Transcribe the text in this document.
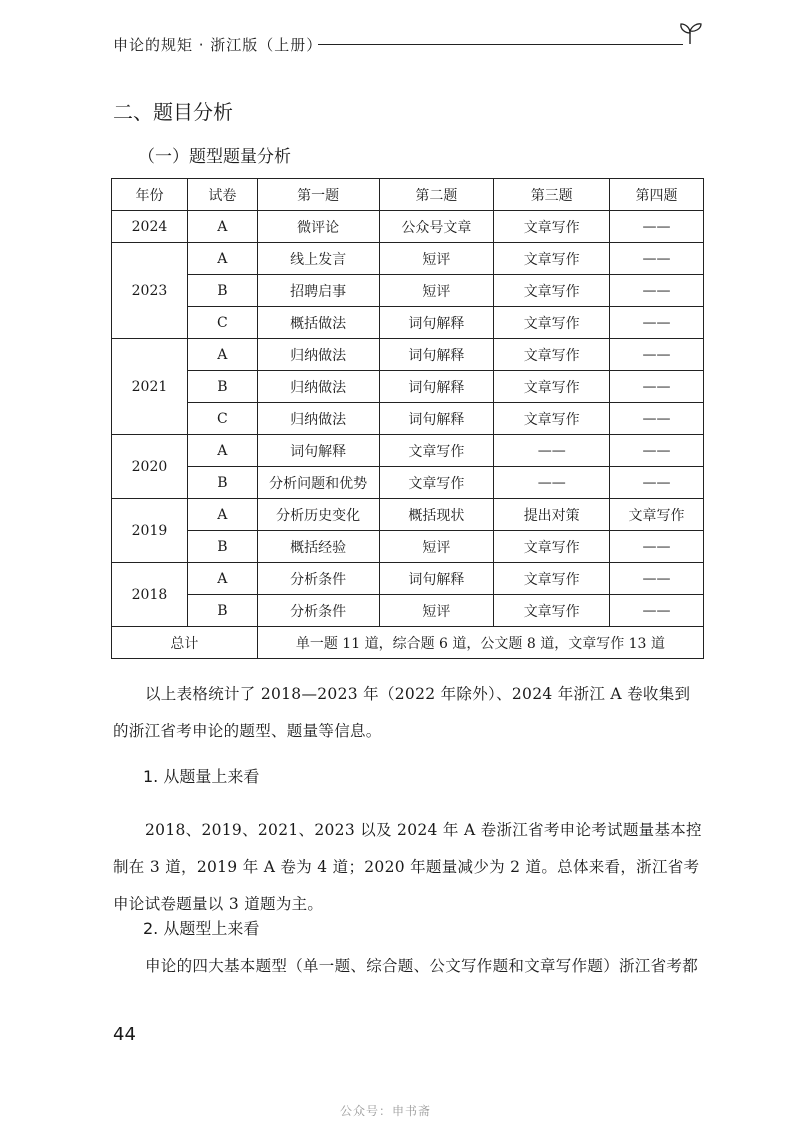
申论的规矩 · 浙江版（上册）
二、题目分析
（一）题型题量分析
年份	试卷	第一题	第二题	第三题	第四题
2024	A	微评论	公众号文章	文章写作	——
2023	A	线上发言	短评	文章写作	——
	B	招聘启事	短评	文章写作	——
	C	概括做法	词句解释	文章写作	——
2021	A	归纳做法	词句解释	文章写作	——
	B	归纳做法	词句解释	文章写作	——
	C	归纳做法	词句解释	文章写作	——
2020	A	词句解释	文章写作	——	——
	B	分析问题和优势	文章写作	——	——
2019	A	分析历史变化	概括现状	提出对策	文章写作
	B	概括经验	短评	文章写作	——
2018	A	分析条件	词句解释	文章写作	——
	B	分析条件	短评	文章写作	——
总计		单一题 11 道，综合题 6 道，公文题 8 道，文章写作 13 道			
以上表格统计了 2018—2023 年（2022 年除外）、2024 年浙江 A 卷收集到的浙江省考申论的题型、题量等信息。
1. 从题量上来看
2018、2019、2021、2023 以及 2024 年 A 卷浙江省考申论考试题量基本控制在 3 道，2019 年 A 卷为 4 道；2020 年题量减少为 2 道。总体来看，浙江省考申论试卷题量以 3 道题为主。
2. 从题型上来看
申论的四大基本题型（单一题、综合题、公文写作题和文章写作题）浙江省考都
44
公众号：申书斋
